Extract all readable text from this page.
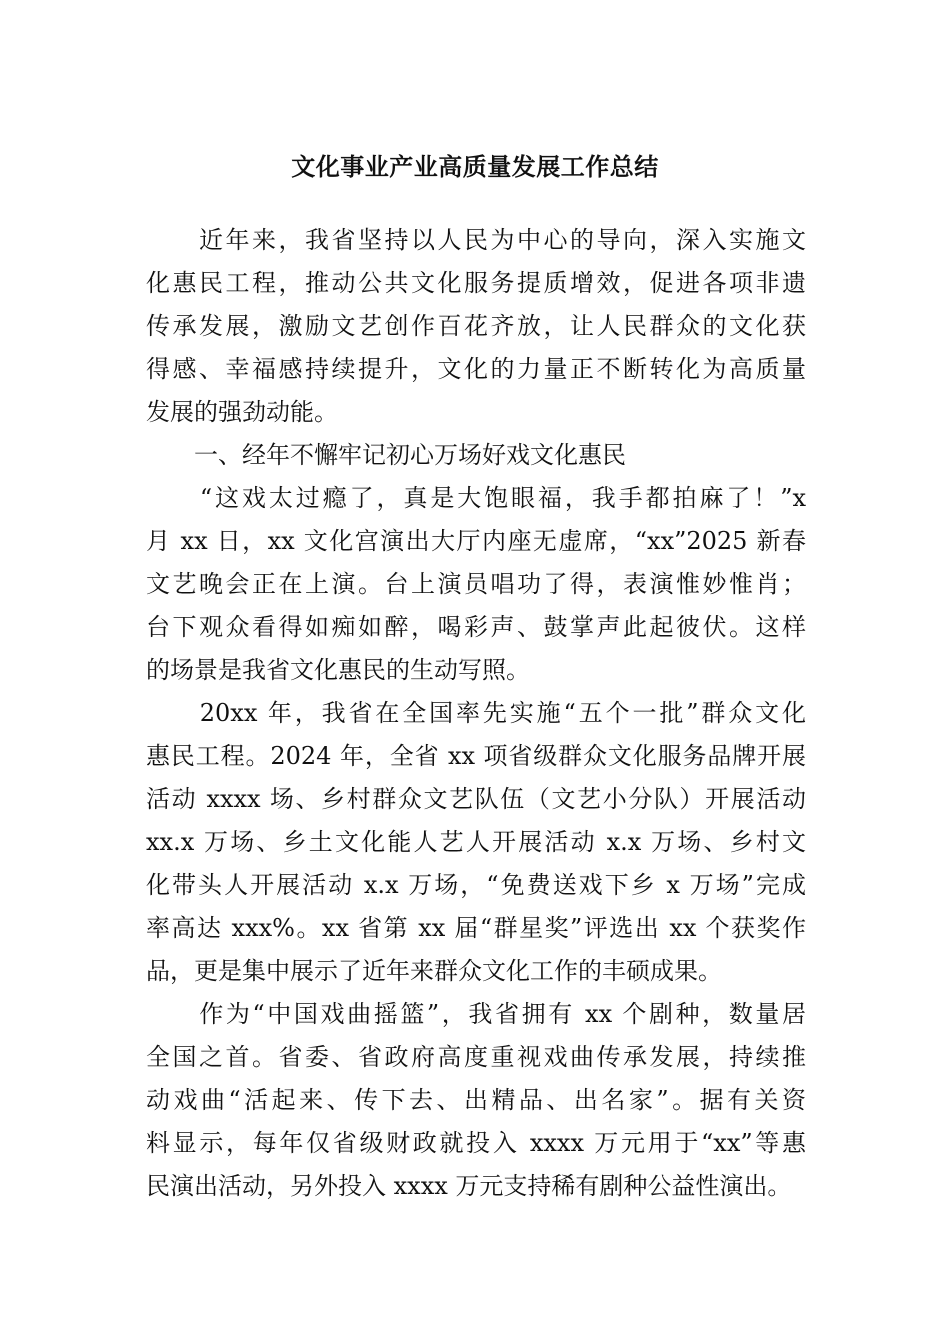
文化事业产业高质量发展工作总结
　　近年来，我省坚持以人民为中心的导向，深入实施文
化惠民工程，推动公共文化服务提质增效，促进各项非遗
传承发展，激励文艺创作百花齐放，让人民群众的文化获
得感、幸福感持续提升，文化的力量正不断转化为高质量
发展的强劲动能。
　　一、经年不懈牢记初心万场好戏文化惠民
　　“这戏太过瘾了，真是大饱眼福，我手都拍麻了！”x
月 xx 日，xx 文化宫演出大厅内座无虚席，“xx”2025 新春
文艺晚会正在上演。台上演员唱功了得，表演惟妙惟肖；
台下观众看得如痴如醉，喝彩声、鼓掌声此起彼伏。这样
的场景是我省文化惠民的生动写照。
　　20xx 年，我省在全国率先实施“五个一批”群众文化
惠民工程。2024 年，全省 xx 项省级群众文化服务品牌开展
活动 xxxx 场、乡村群众文艺队伍（文艺小分队）开展活动
xx.x 万场、乡土文化能人艺人开展活动 x.x 万场、乡村文
化带头人开展活动 x.x 万场，“免费送戏下乡 x 万场”完成
率高达 xxx%。xx 省第 xx 届“群星奖”评选出 xx 个获奖作
品，更是集中展示了近年来群众文化工作的丰硕成果。
　　作为“中国戏曲摇篮”，我省拥有 xx 个剧种，数量居
全国之首。省委、省政府高度重视戏曲传承发展，持续推
动戏曲“活起来、传下去、出精品、出名家”。据有关资
料显示，每年仅省级财政就投入 xxxx 万元用于“xx”等惠
民演出活动，另外投入 xxxx 万元支持稀有剧种公益性演出。
